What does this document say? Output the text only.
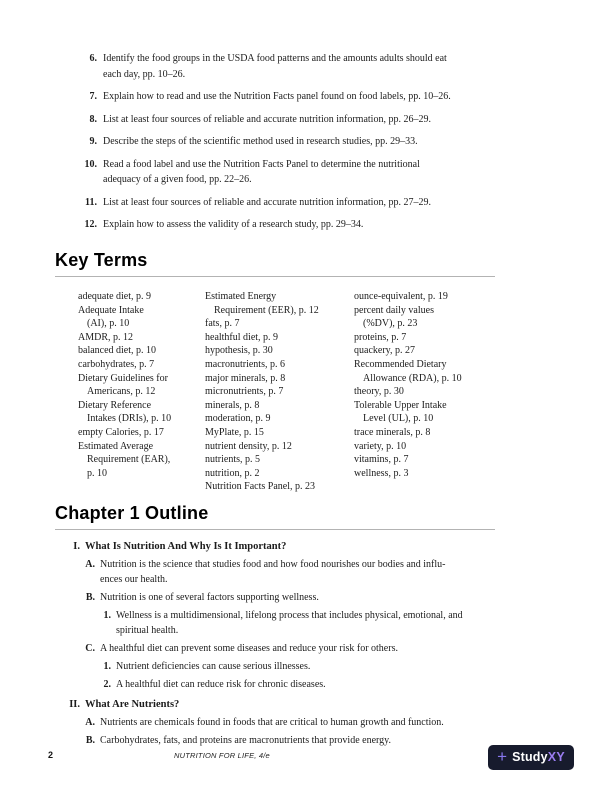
6. Identify the food groups in the USDA food patterns and the amounts adults should eat
each day, pp. 10–26.
7. Explain how to read and use the Nutrition Facts panel found on food labels, pp. 10–26.
8. List at least four sources of reliable and accurate nutrition information, pp. 26–29.
9. Describe the steps of the scientific method used in research studies, pp. 29–33.
10. Read a food label and use the Nutrition Facts Panel to determine the nutritional
adequacy of a given food, pp. 22–26.
11. List at least four sources of reliable and accurate nutrition information, pp. 27–29.
12. Explain how to assess the validity of a research study, pp. 29–34.
Key Terms
adequate diet, p. 9
Adequate Intake
(AI), p. 10
AMDR, p. 12
balanced diet, p. 10
carbohydrates, p. 7
Dietary Guidelines for
Americans, p. 12
Dietary Reference
Intakes (DRIs), p. 10
empty Calories, p. 17
Estimated Average
Requirement (EAR),
p. 10
Estimated Energy
Requirement (EER), p. 12
fats, p. 7
healthful diet, p. 9
hypothesis, p. 30
macronutrients, p. 6
major minerals, p. 8
micronutrients, p. 7
minerals, p. 8
moderation, p. 9
MyPlate, p. 15
nutrient density, p. 12
nutrients, p. 5
nutrition, p. 2
Nutrition Facts Panel, p. 23
ounce-equivalent, p. 19
percent daily values
(%DV), p. 23
proteins, p. 7
quackery, p. 27
Recommended Dietary
Allowance (RDA), p. 10
theory, p. 30
Tolerable Upper Intake
Level (UL), p. 10
trace minerals, p. 8
variety, p. 10
vitamins, p. 7
wellness, p. 3
Chapter 1 Outline
I. What Is Nutrition And Why Is It Important?
A. Nutrition is the science that studies food and how food nourishes our bodies and influ-
ences our health.
B. Nutrition is one of several factors supporting wellness.
1. Wellness is a multidimensional, lifelong process that includes physical, emotional, and
spiritual health.
C. A healthful diet can prevent some diseases and reduce your risk for others.
1. Nutrient deficiencies can cause serious illnesses.
2. A healthful diet can reduce risk for chronic diseases.
II. What Are Nutrients?
A. Nutrients are chemicals found in foods that are critical to human growth and function.
B. Carbohydrates, fats, and proteins are macronutrients that provide energy.
2	NUTRITION FOR LIFE, 4/e	+ StudyXY
